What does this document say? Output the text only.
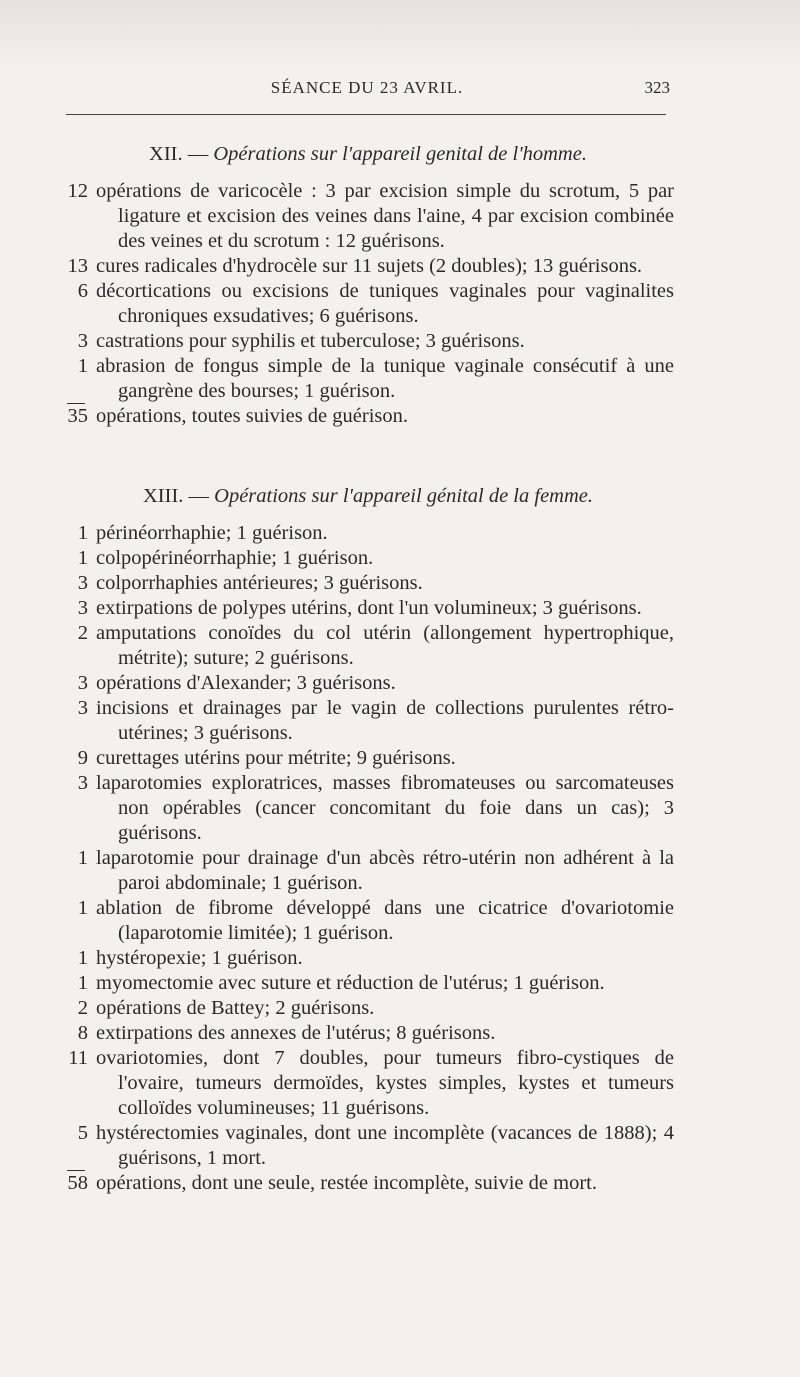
SÉANCE DU 23 AVRIL.	323
XII. — Opérations sur l'appareil genital de l'homme.
12 opérations de varicocèle : 3 par excision simple du scrotum, 5 par ligature et excision des veines dans l'aine, 4 par excision combinée des veines et du scrotum : 12 guérisons.
13 cures radicales d'hydrocèle sur 11 sujets (2 doubles); 13 guérisons.
6 décortications ou excisions de tuniques vaginales pour vaginalites chroniques exsudatives; 6 guérisons.
3 castrations pour syphilis et tuberculose; 3 guérisons.
1 abrasion de fongus simple de la tunique vaginale consécutif à une gangrène des bourses; 1 guérison.
35 opérations, toutes suivies de guérison.
XIII. — Opérations sur l'appareil génital de la femme.
1 périnéorrhaphie; 1 guérison.
1 colpopérinéorrhaphie; 1 guérison.
3 colporrhaphies antérieures; 3 guérisons.
3 extirpations de polypes utérins, dont l'un volumineux; 3 guérisons.
2 amputations conoïdes du col utérin (allongement hypertrophique, métrite); suture; 2 guérisons.
3 opérations d'Alexander; 3 guérisons.
3 incisions et drainages par le vagin de collections purulentes rétro-utérines; 3 guérisons.
9 curettages utérins pour métrite; 9 guérisons.
3 laparotomies exploratrices, masses fibromateuses ou sarcomateuses non opérables (cancer concomitant du foie dans un cas); 3 guérisons.
1 laparotomie pour drainage d'un abcès rétro-utérin non adhérent à la paroi abdominale; 1 guérison.
1 ablation de fibrome développé dans une cicatrice d'ovariotomie (laparotomie limitée); 1 guérison.
1 hystéropexie; 1 guérison.
1 myomectomie avec suture et réduction de l'utérus; 1 guérison.
2 opérations de Battey; 2 guérisons.
8 extirpations des annexes de l'utérus; 8 guérisons.
11 ovariotomies, dont 7 doubles, pour tumeurs fibro-cystiques de l'ovaire, tumeurs dermoïdes, kystes simples, kystes et tumeurs colloïdes volumineuses; 11 guérisons.
5 hystérectomies vaginales, dont une incomplète (vacances de 1888); 4 guérisons, 1 mort.
58 opérations, dont une seule, restée incomplète, suivie de mort.
